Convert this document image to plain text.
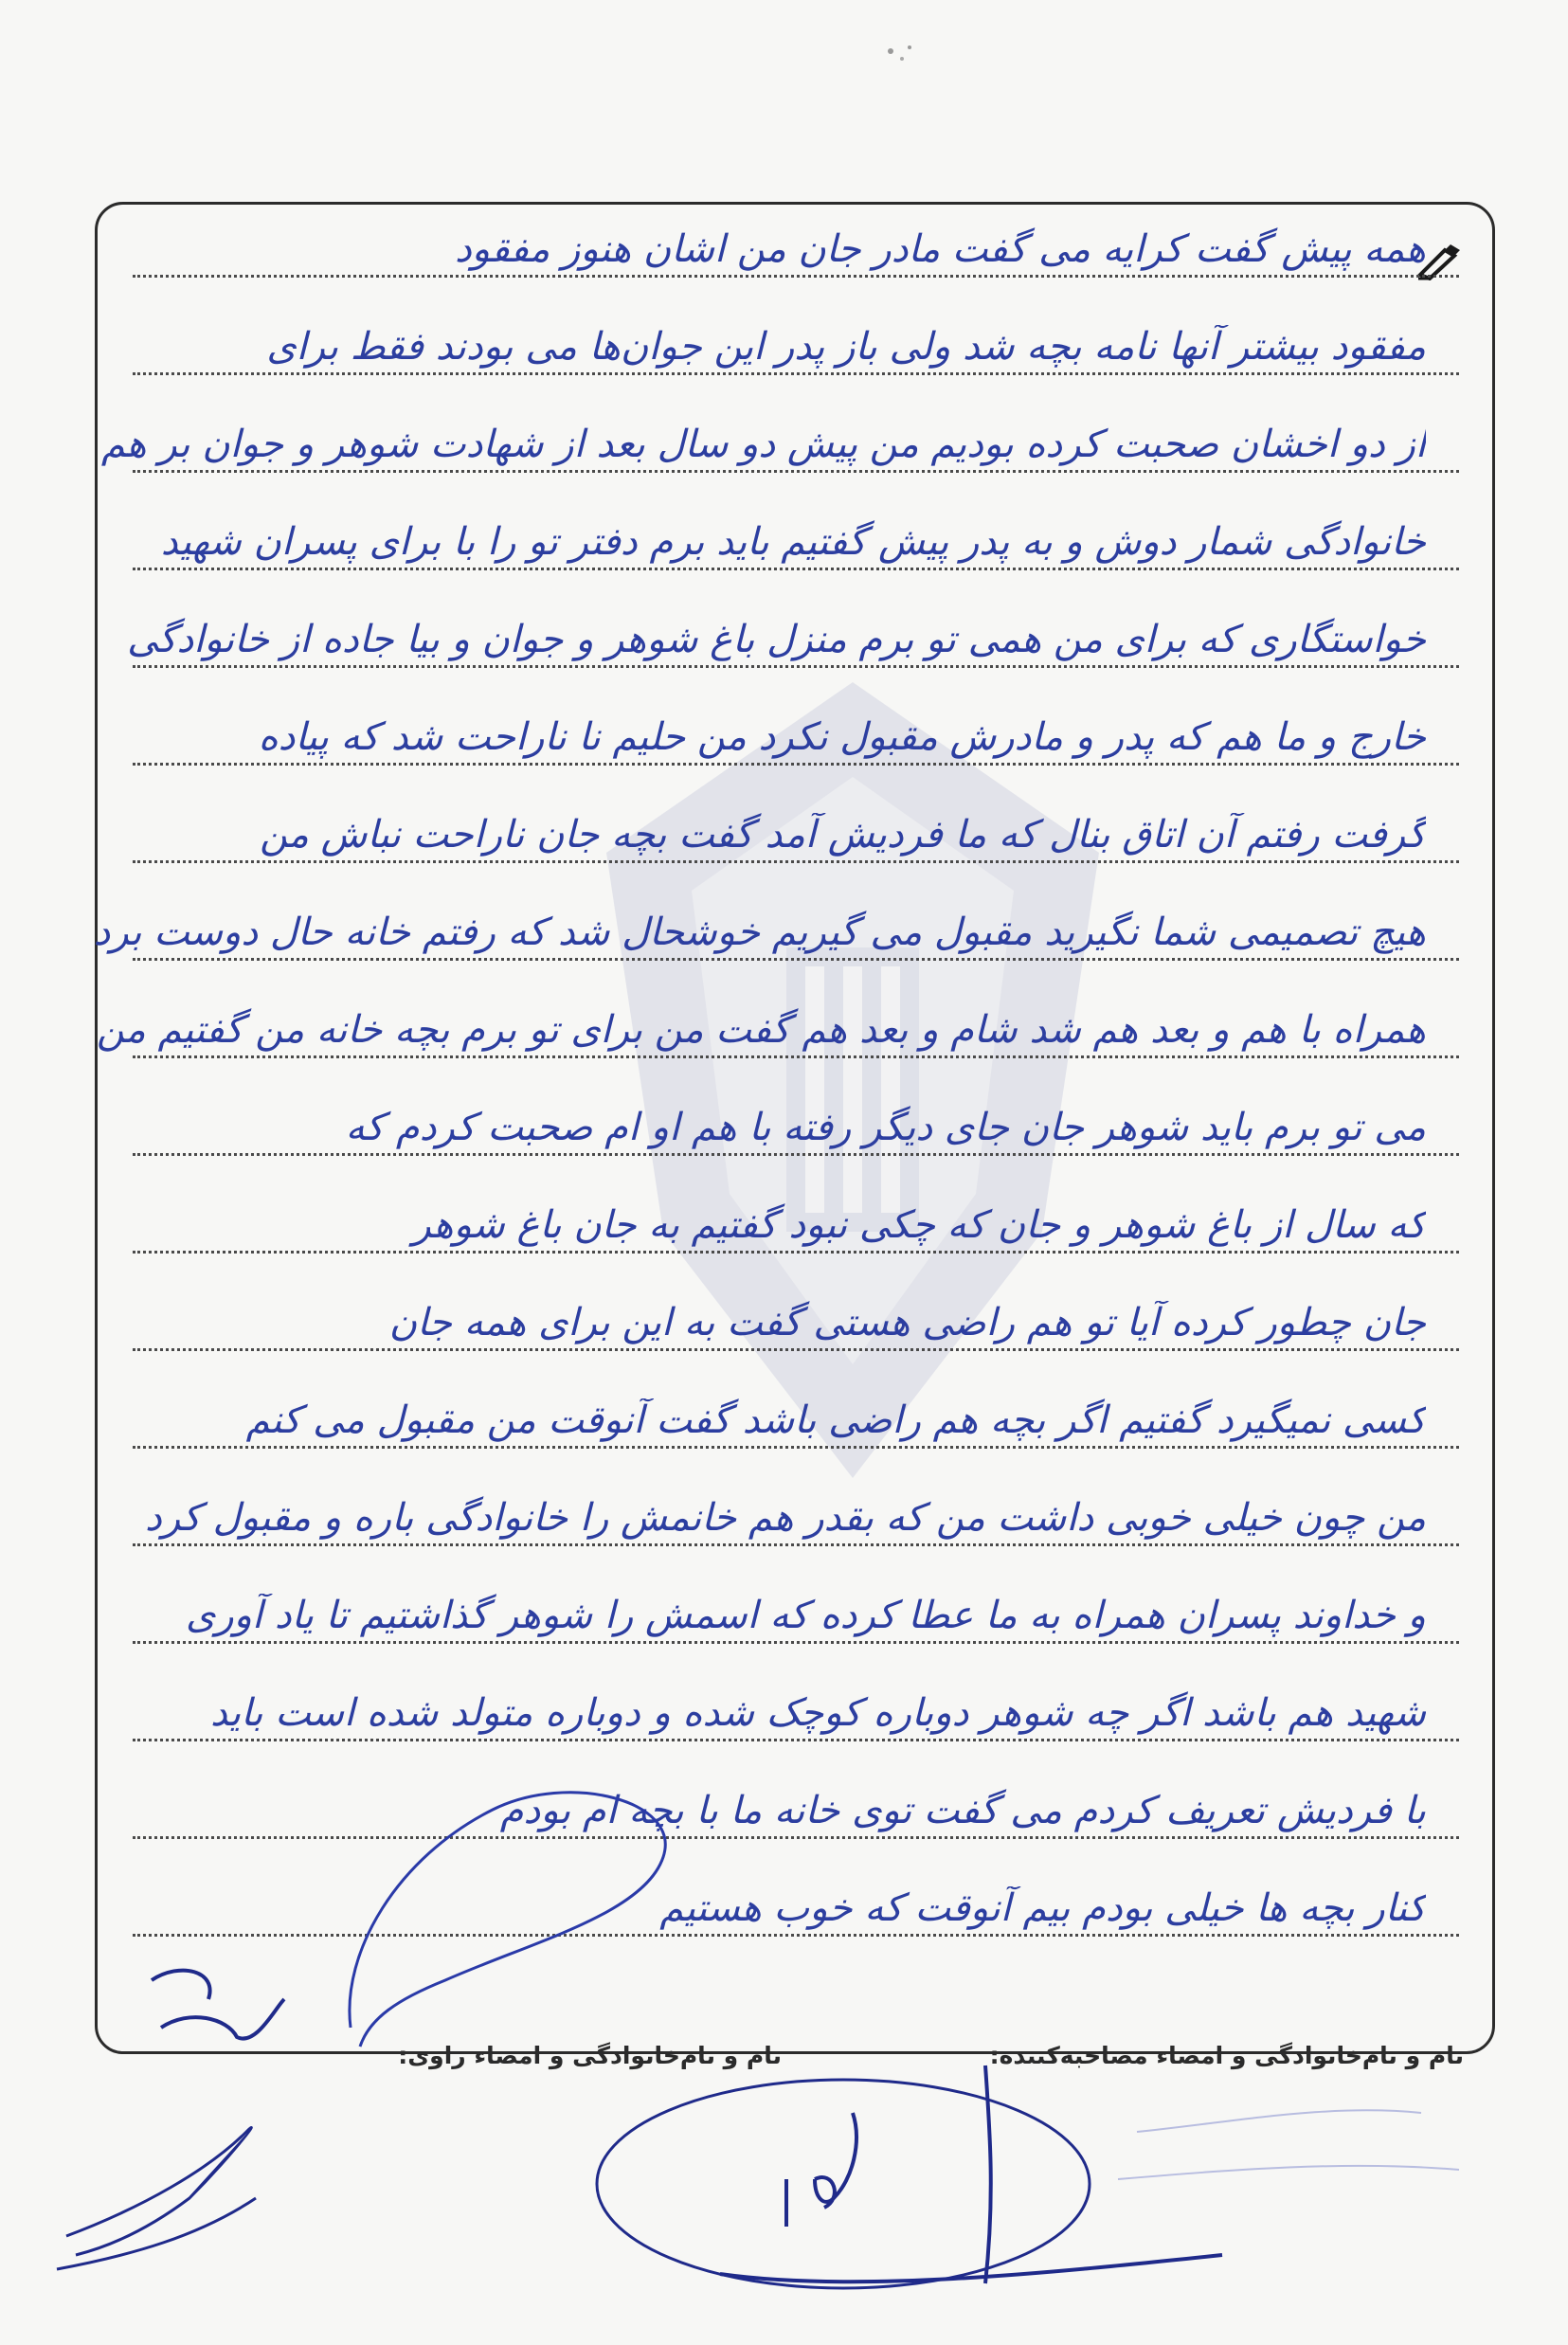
همه پیش گفت کرایه می گفت مادر جان من اشان هنوز مفقود
مفقود بیشتر آنها نامه بچه شد ولی باز پدر این جوان‌ها می بودند فقط برای
از دو اخشان صحبت کرده بودیم من پیش دو سال بعد از شهادت شوهر و جوان بر هم
خانوادگی شمار دوش و به پدر پیش گفتیم باید برم دفتر تو را با برای پسران شهید
خواستگاری که برای من همی تو برم منزل باغ شوهر و جوان و بیا جاده از خانوادگی
خارج و ما هم که پدر و مادرش مقبول نکرد من حلیم نا ناراحت شد که پیاده
گرفت رفتم آن اتاق بنال که ما فردیش آمد گفت بچه جان ناراحت نباش من
هیچ تصمیمی شما نگیرید مقبول می گیریم خوشحال شد که رفتم خانه حال دوست برد
همراه با هم و بعد هم شد شام و بعد هم گفت من برای تو برم بچه خانه من گفتیم من
می تو برم باید شوهر جان جای دیگر رفته با هم او ام صحبت کردم که
که سال از باغ شوهر و جان که چکی نبود گفتیم به جان باغ شوهر
جان چطور کرده آیا تو هم راضی هستی گفت به این برای همه جان
کسی نمیگیرد گفتیم اگر بچه هم راضی باشد گفت آنوقت من مقبول می کنم
من چون خیلی خوبی داشت من که بقدر هم خانمش را خانوادگی باره و مقبول کرد
و خداوند پسران همراه به ما عطا کرده که اسمش را شوهر گذاشتیم تا یاد آوری
شهید هم باشد اگر چه شوهر دوباره کوچک شده و دوباره متولد شده است باید
با فردیش تعریف کردم می گفت توی خانه ما با بچه ام بودم
کنار بچه ها خیلی بودم بیم آنوقت که خوب هستیم
نام و نام‌خانوادگی و امضاء مصاحبه‌کننده:
نام و نام‌خانوادگی و امضاء راوی:
